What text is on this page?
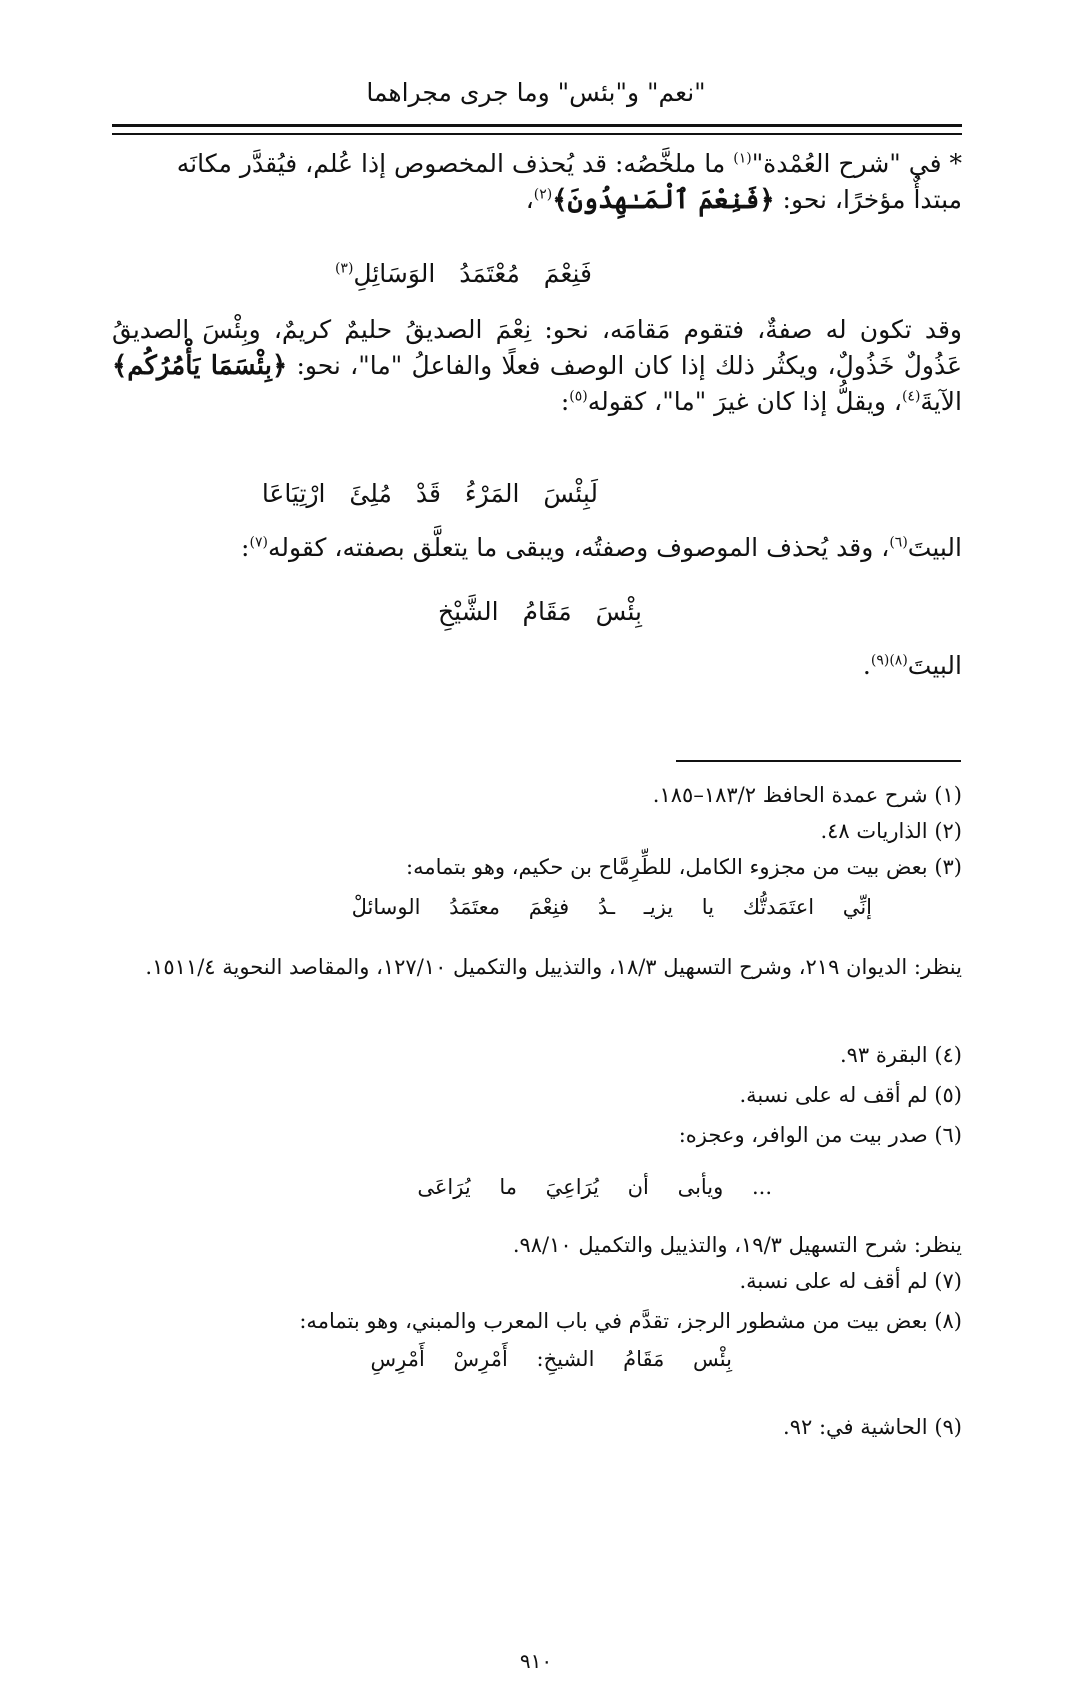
"نعم" و"بئس" وما جرى مجراهما
* في "شرح العُمْدة"$^{(١)}$ ما ملخَّصُه: قد يُحذف المخصوص إذا عُلم، فيُقدَّر مكانَه
مبتدأٌ مؤخرًا، نحو: ﴿فَنِعْمَ ٱلْمَـٰهِدُونَ﴾$^{(٢)}$،
فَنِعْمَ مُعْتَمَدُ الوَسَائِلِ$^{(٣)}$
وقد تكون له صفةٌ، فتقوم مَقامَه، نحو: نِعْمَ الصديقُ حليمٌ كريمٌ، وبِئْسَ الصديقُ عَذُولٌ خَذُولٌ، ويكثُر ذلك إذا كان الوصف فعلًا والفاعلُ "ما"، نحو: ﴿بِئْسَمَا يَأْمُرُكُم﴾ الآيةَ$^{(٤)}$، ويقلُّ إذا كان غيرَ "ما"، كقوله$^{(٥)}$:
لَبِئْسَ المَرْءُ قَدْ مُلِئَ ارْتِيَاعَا
البيتَ$^{(٦)}$، وقد يُحذف الموصوف وصفتُه، ويبقى ما يتعلَّق بصفته، كقوله$^{(٧)}$:
بِئْسَ مَقَامُ الشَّيْخِ
البيتَ$^{(٨)(٩)}$.
(١) شرح عمدة الحافظ ١٨٣/٢–١٨٥.
(٢) الذاريات ٤٨.
(٣) بعض بيت من مجزوء الكامل، للطِّرِمَّاح بن حكيم، وهو بتمامه:
إنِّي اعتَمَدتُّك يا يزيـ ـدُ فنِعْمَ معتَمَدُ الوسائلْ
ينظر: الديوان ٢١٩، وشرح التسهيل ١٨/٣، والتذييل والتكميل ١٢٧/١٠، والمقاصد النحوية ١٥١١/٤.
(٤) البقرة ٩٣.
(٥) لم أقف له على نسبة.
(٦) صدر بيت من الوافر، وعجزه:
... ويأبى أن يُرَاعِيَ ما يُرَاعَى
ينظر: شرح التسهيل ١٩/٣، والتذييل والتكميل ٩٨/١٠.
(٧) لم أقف له على نسبة.
(٨) بعض بيت من مشطور الرجز، تقدَّم في باب المعرب والمبني، وهو بتمامه:
بِئْس مَقَامُ الشيخِ: أَمْرِسْ أَمْرِسِ
(٩) الحاشية في: ٩٢.
٩١٠
